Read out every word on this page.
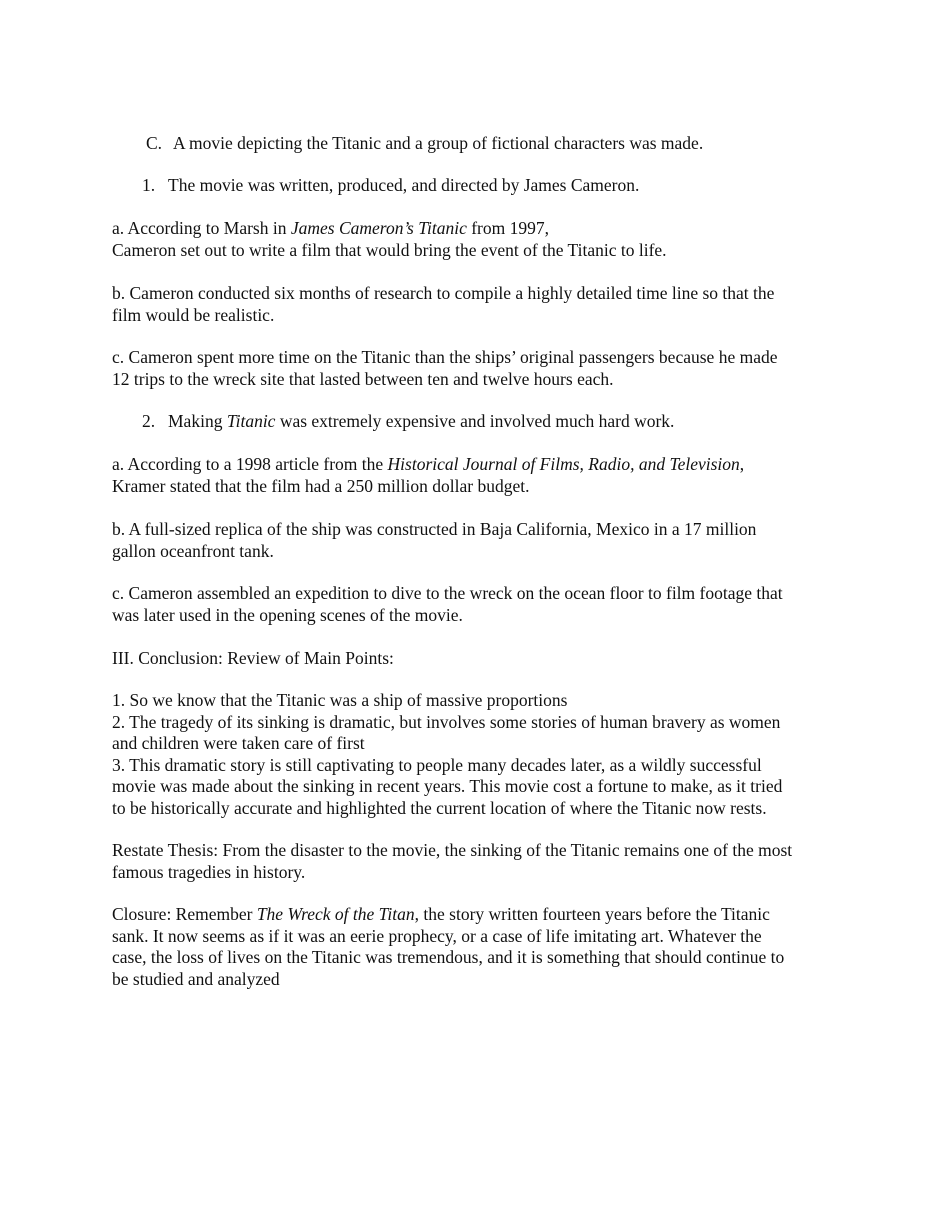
C. A movie depicting the Titanic and a group of fictional characters was made.

1. The movie was written, produced, and directed by James Cameron.

a. According to Marsh in James Cameron’s Titanic from 1997,
Cameron set out to write a film that would bring the event of the Titanic to life.

b. Cameron conducted six months of research to compile a highly detailed time line so that the
film would be realistic.

c. Cameron spent more time on the Titanic than the ships’ original passengers because he made
12 trips to the wreck site that lasted between ten and twelve hours each.

2. Making Titanic was extremely expensive and involved much hard work.

a. According to a 1998 article from the Historical Journal of Films, Radio, and Television,
Kramer stated that the film had a 250 million dollar budget.

b. A full-sized replica of the ship was constructed in Baja California, Mexico in a 17 million
gallon oceanfront tank.

c. Cameron assembled an expedition to dive to the wreck on the ocean floor to film footage that
was later used in the opening scenes of the movie.

III. Conclusion: Review of Main Points:

1. So we know that the Titanic was a ship of massive proportions
2. The tragedy of its sinking is dramatic, but involves some stories of human bravery as women
and children were taken care of first
3. This dramatic story is still captivating to people many decades later, as a wildly successful
movie was made about the sinking in recent years. This movie cost a fortune to make, as it tried
to be historically accurate and highlighted the current location of where the Titanic now rests.

Restate Thesis: From the disaster to the movie, the sinking of the Titanic remains one of the most
famous tragedies in history.

Closure: Remember The Wreck of the Titan, the story written fourteen years before the Titanic
sank. It now seems as if it was an eerie prophecy, or a case of life imitating art. Whatever the
case, the loss of lives on the Titanic was tremendous, and it is something that should continue to
be studied and analyzed
